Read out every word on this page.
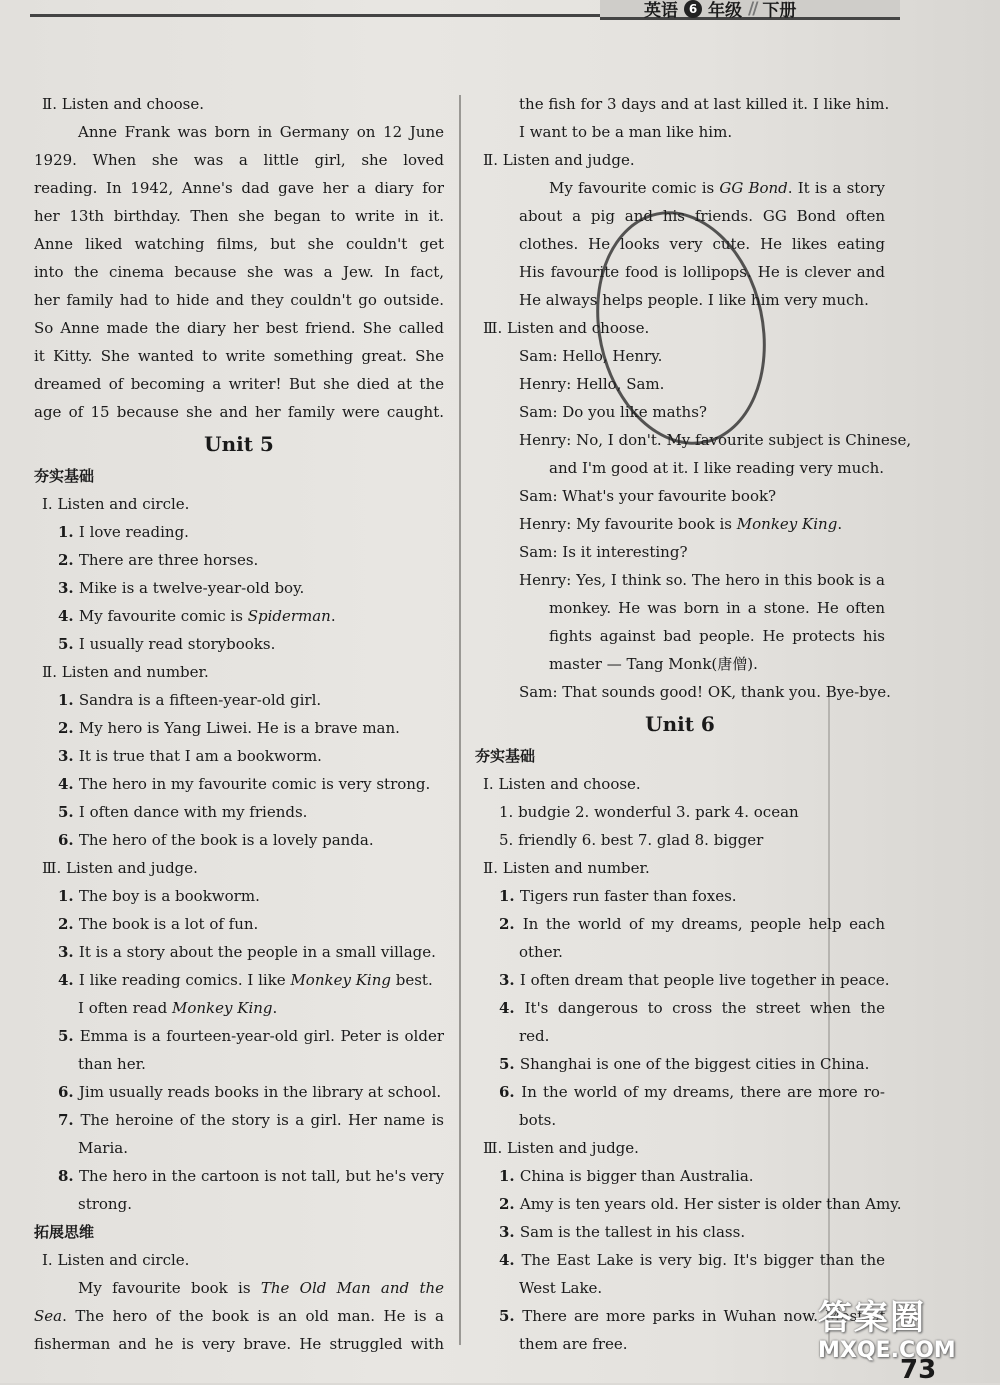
英语 6 年级 // 下册
Ⅱ. Listen and choose.
Anne Frank was born in Germany on 12 June
1929. When she was a little girl, she loved
reading. In 1942, Anne's dad gave her a diary for
her 13th birthday. Then she began to write in it.
Anne liked watching films, but she couldn't get
into the cinema because she was a Jew. In fact,
her family had to hide and they couldn't go outside.
So Anne made the diary her best friend. She called
it Kitty. She wanted to write something great. She
dreamed of becoming a writer! But she died at the
age of 15 because she and her family were caught.
Unit 5
夯实基础
Ⅰ. Listen and circle.
1. I love reading.
2. There are three horses.
3. Mike is a twelve-year-old boy.
4. My favourite comic is Spiderman.
5. I usually read storybooks.
Ⅱ. Listen and number.
1. Sandra is a fifteen-year-old girl.
2. My hero is Yang Liwei. He is a brave man.
3. It is true that I am a bookworm.
4. The hero in my favourite comic is very strong.
5. I often dance with my friends.
6. The hero of the book is a lovely panda.
Ⅲ. Listen and judge.
1. The boy is a bookworm.
2. The book is a lot of fun.
3. It is a story about the people in a small village.
4. I like reading comics. I like Monkey King best.
I often read Monkey King.
5. Emma is a fourteen-year-old girl. Peter is older
than her.
6. Jim usually reads books in the library at school.
7. The heroine of the story is a girl. Her name is
Maria.
8. The hero in the cartoon is not tall, but he's very
strong.
拓展思维
Ⅰ. Listen and circle.
My favourite book is The Old Man and the
Sea. The hero of the book is an old man. He is a
fisherman and he is very brave. He struggled with
the fish for 3 days and at last killed it. I like him.
I want to be a man like him.
Ⅱ. Listen and judge.
My favourite comic is GG Bond. It is a story
about a pig and his friends. GG Bond often
clothes. He looks very cute. He likes eating
His favourite food is lollipops. He is clever and
He always helps people. I like him very much.
Ⅲ. Listen and choose.
Sam: Hello, Henry.
Henry: Hello, Sam.
Sam: Do you like maths?
Henry: No, I don't. My favourite subject is Chinese,
and I'm good at it. I like reading very much.
Sam: What's your favourite book?
Henry: My favourite book is Monkey King.
Sam: Is it interesting?
Henry: Yes, I think so. The hero in this book is a
monkey. He was born in a stone. He often
fights against bad people. He protects his
master — Tang Monk(唐僧).
Sam: That sounds good! OK, thank you. Bye-bye.
Unit 6
夯实基础
Ⅰ. Listen and choose.
1. budgie 2. wonderful 3. park 4. ocean
5. friendly 6. best 7. glad 8. bigger
Ⅱ. Listen and number.
1. Tigers run faster than foxes.
2. In the world of my dreams, people help each
other.
3. I often dream that people live together in peace.
4. It's dangerous to cross the street when the
red.
5. Shanghai is one of the biggest cities in China.
6. In the world of my dreams, there are more ro-
bots.
Ⅲ. Listen and judge.
1. China is bigger than Australia.
2. Amy is ten years old. Her sister is older than Amy.
3. Sam is the tallest in his class.
4. The East Lake is very big. It's bigger than the
West Lake.
5. There are more parks in Wuhan now. Most of
them are free.
答案圈
MXQE.COM
73
